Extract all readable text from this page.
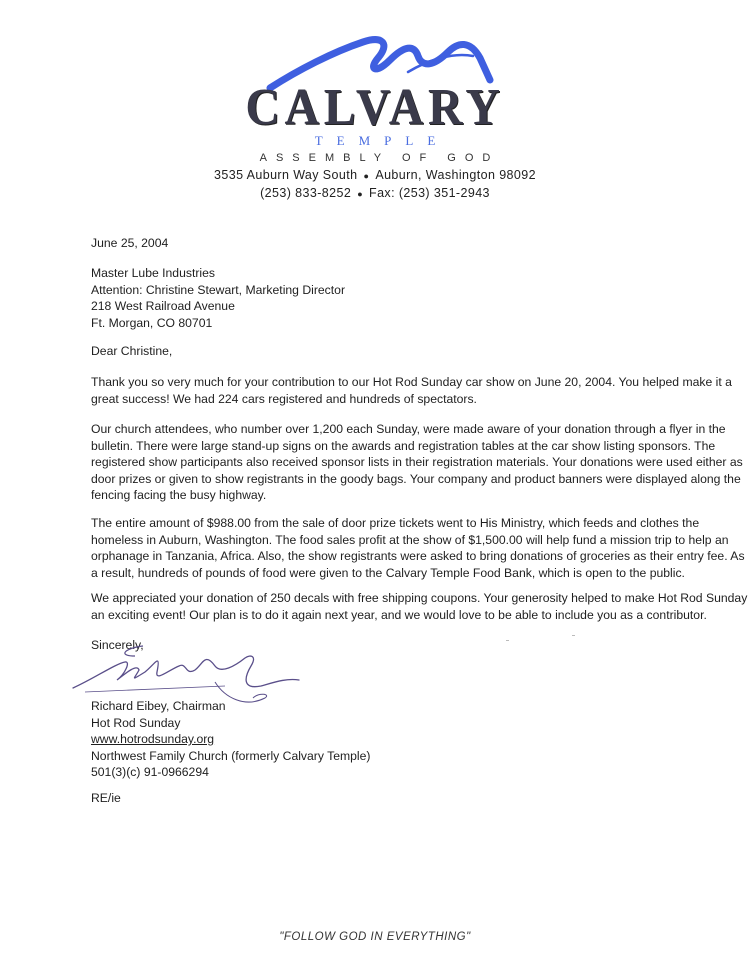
CALVARY
TEMPLE
ASSEMBLY OF GOD
3535 Auburn Way South ● Auburn, Washington 98092
(253) 833-8252 ● Fax: (253) 351-2943
June 25, 2004
Master Lube Industries
Attention: Christine Stewart, Marketing Director
218 West Railroad Avenue
Ft. Morgan, CO 80701
Dear Christine,
Thank you so very much for your contribution to our Hot Rod Sunday car show on June 20, 2004. You helped make it a
great success! We had 224 cars registered and hundreds of spectators.
Our church attendees, who number over 1,200 each Sunday, were made aware of your donation through a flyer in the
bulletin. There were large stand-up signs on the awards and registration tables at the car show listing sponsors. The
registered show participants also received sponsor lists in their registration materials. Your donations were used either as
door prizes or given to show registrants in the goody bags. Your company and product banners were displayed along the
fencing facing the busy highway.
The entire amount of $988.00 from the sale of door prize tickets went to His Ministry, which feeds and clothes the
homeless in Auburn, Washington. The food sales profit at the show of $1,500.00 will help fund a mission trip to help an
orphanage in Tanzania, Africa. Also, the show registrants were asked to bring donations of groceries as their entry fee. As
a result, hundreds of pounds of food were given to the Calvary Temple Food Bank, which is open to the public.
We appreciated your donation of 250 decals with free shipping coupons. Your generosity helped to make Hot Rod Sunday
an exciting event! Our plan is to do it again next year, and we would love to be able to include you as a contributor.
Sincerely,
Richard Eibey, Chairman
Hot Rod Sunday
www.hotrodsunday.org
Northwest Family Church (formerly Calvary Temple)
501(3)(c) 91-0966294
RE/ie
"FOLLOW GOD IN EVERYTHING"
